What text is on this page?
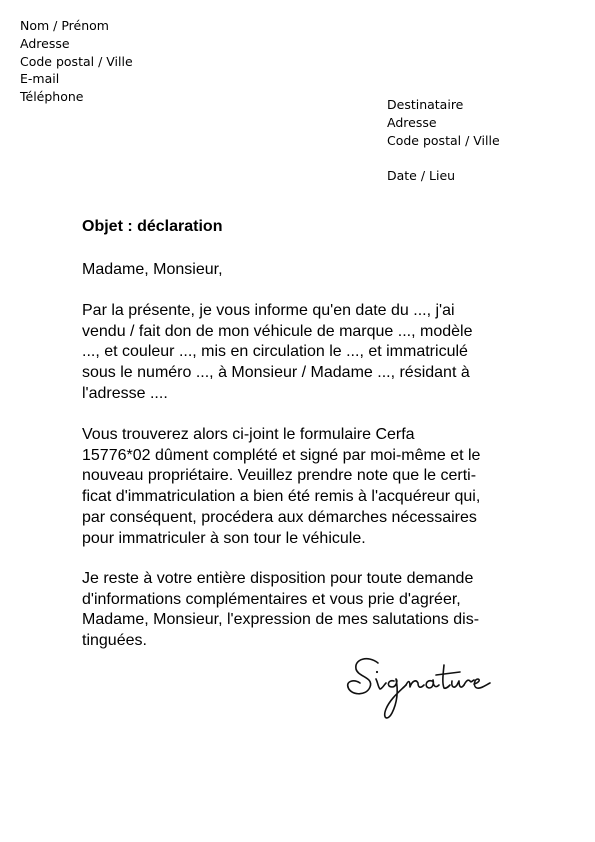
Nom / Prénom
Adresse
Code postal / Ville
E-mail
Téléphone
Destinataire
Adresse
Code postal / Ville
Date / Lieu
Objet : déclaration
Madame, Monsieur,
Par la présente, je vous informe qu'en date du ..., j'ai
vendu / fait don de mon véhicule de marque ..., modèle
..., et couleur ..., mis en circulation le ..., et immatriculé
sous le numéro ..., à Monsieur / Madame ..., résidant à
l'adresse ....
Vous trouverez alors ci-joint le formulaire Cerfa
15776*02 dûment complété et signé par moi-même et le
nouveau propriétaire. Veuillez prendre note que le certi-
ficat d'immatriculation a bien été remis à l'acquéreur qui,
par conséquent, procédera aux démarches nécessaires
pour immatriculer à son tour le véhicule.
Je reste à votre entière disposition pour toute demande
d'informations complémentaires et vous prie d'agréer,
Madame, Monsieur, l'expression de mes salutations dis-
tinguées.
